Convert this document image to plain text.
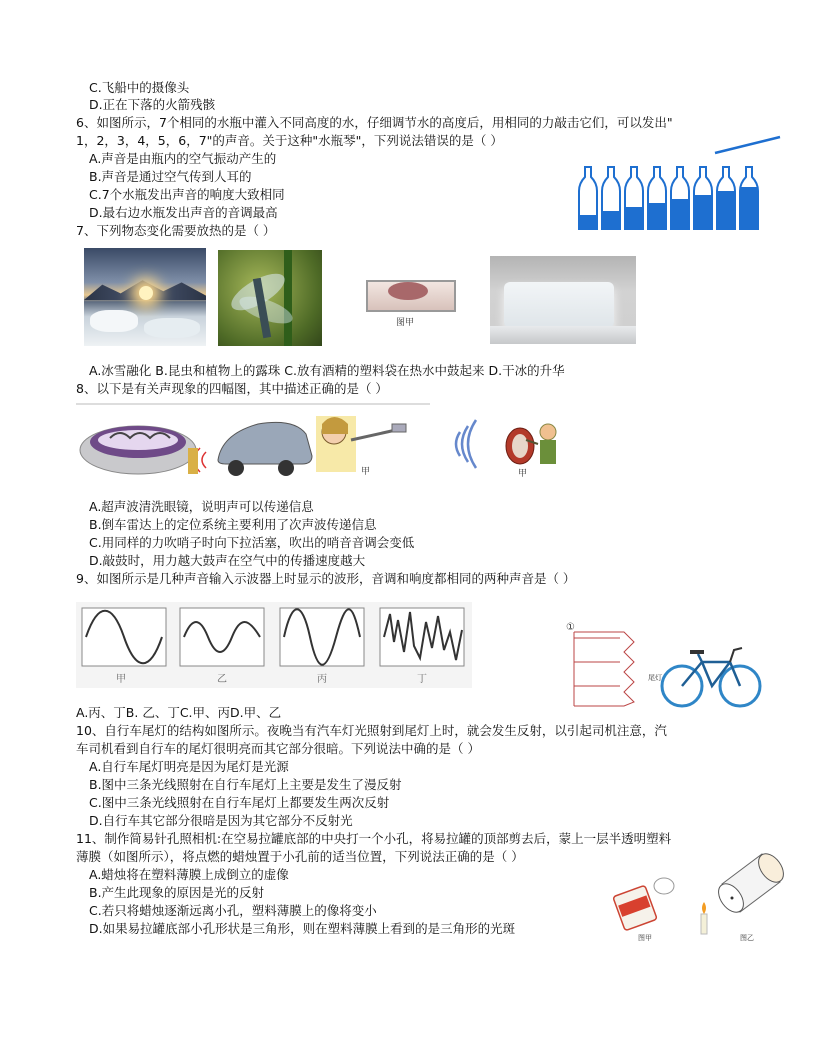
C.飞船中的摄像头
D.正在下落的火箭残骸
6、如图所示，7个相同的水瓶中灌入不同高度的水，仔细调节水的高度后，用相同的力敲击它们，可以发出"
1，2，3，4，5，6，7"的声音。关于这种"水瓶琴"，下列说法错误的是（ ）
A.声音是由瓶内的空气振动产生的
B.声音是通过空气传到人耳的
C.7个水瓶发出声音的响度大致相同
D.最右边水瓶发出声音的音调最高
7、下列物态变化需要放热的是（ ）
图甲
A.冰雪融化 B.昆虫和植物上的露珠 C.放有酒精的塑料袋在热水中鼓起来 D.干冰的升华
8、以下是有关声现象的四幅图，其中描述正确的是（ ）
甲	甲
A.超声波清洗眼镜，说明声可以传递信息
B.倒车雷达上的定位系统主要利用了次声波传递信息
C.用同样的力吹哨子时向下拉活塞，吹出的哨音音调会变低
D.敲鼓时，用力越大鼓声在空气中的传播速度越大
9、如图所示是几种声音输入示波器上时显示的波形，音调和响度都相同的两种声音是（ ）
甲	乙	丙	丁
①
尾灯
A.丙、丁B. 乙、丁C.甲、丙D.甲、乙
10、自行车尾灯的结构如图所示。夜晚当有汽车灯光照射到尾灯上时，就会发生反射，以引起司机注意，汽
车司机看到自行车的尾灯很明亮而其它部分很暗。下列说法中确的是（ ）
A.自行车尾灯明亮是因为尾灯是光源
B.图中三条光线照射在自行车尾灯上主要是发生了漫反射
C.图中三条光线照射在自行车尾灯上都要发生两次反射
D.自行车其它部分很暗是因为其它部分不反射光
11、制作简易针孔照相机:在空易拉罐底部的中央打一个小孔，将易拉罐的顶部剪去后，蒙上一层半透明塑料
薄膜（如图所示），将点燃的蜡烛置于小孔前的适当位置，下列说法正确的是（ ）
A.蜡烛将在塑料薄膜上成倒立的虚像
B.产生此现象的原因是光的反射
C.若只将蜡烛逐渐远离小孔，塑料薄膜上的像将变小
D.如果易拉罐底部小孔形状是三角形，则在塑料薄膜上看到的是三角形的光斑
图甲	图乙
